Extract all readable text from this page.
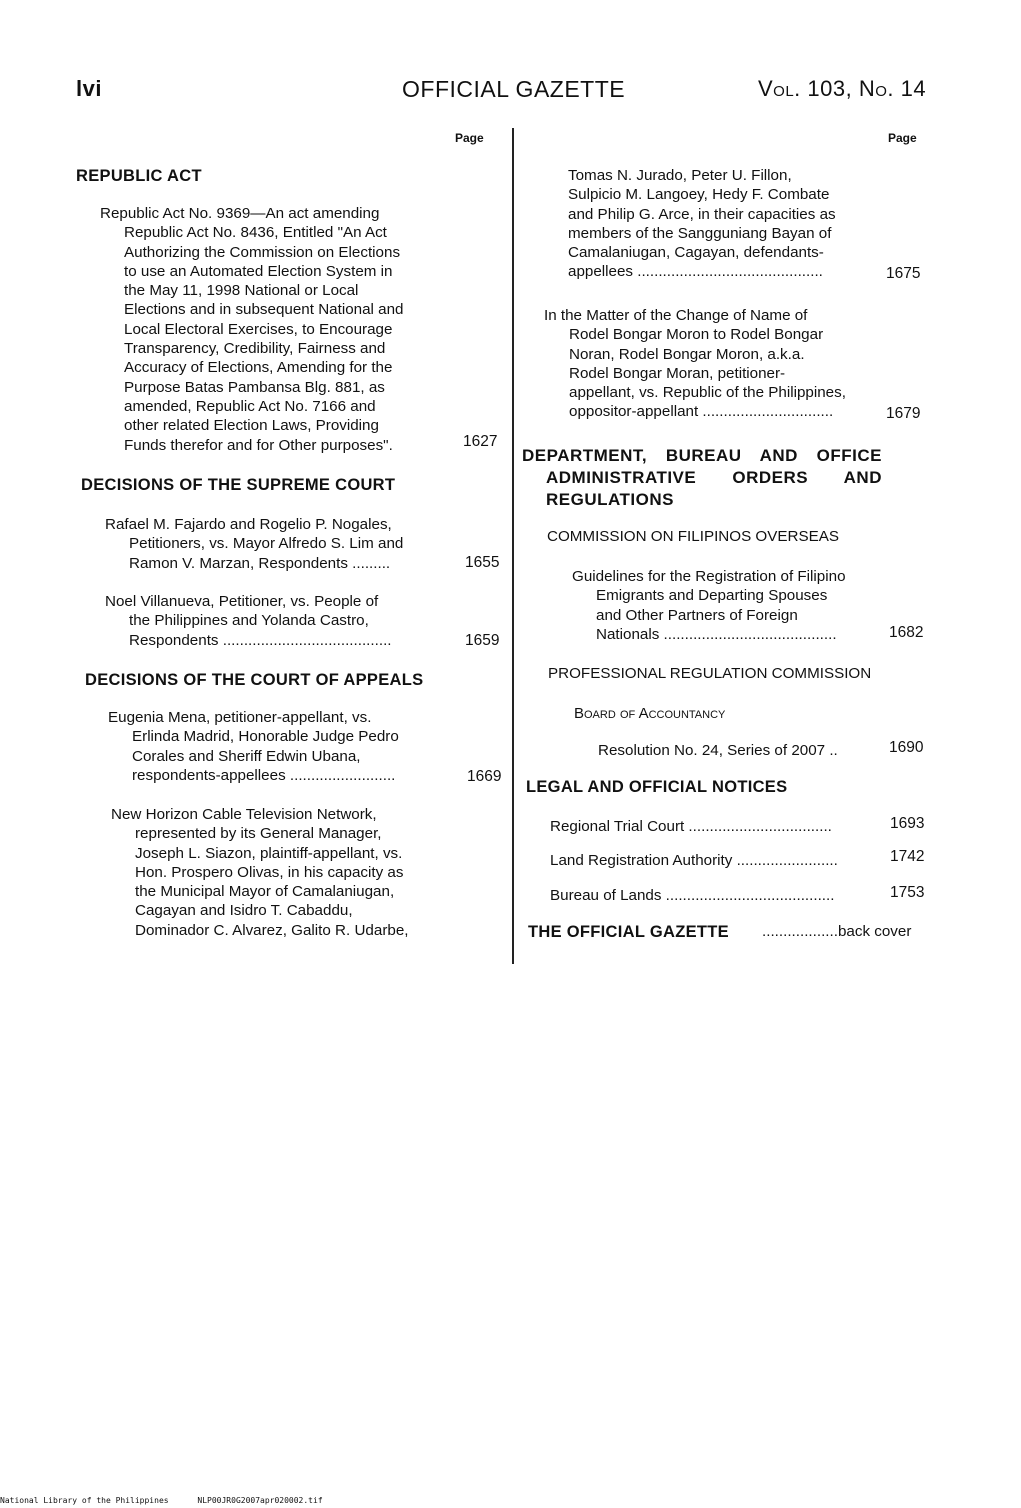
lvi	OFFICIAL GAZETTE	Vol. 103, No. 14
Page	Page
REPUBLIC ACT
Republic Act No. 9369—An act amending
Republic Act No. 8436, Entitled "An Act
Authorizing the Commission on Elections
to use an Automated Election System in
the May 11, 1998 National or Local
Elections and in subsequent National and
Local Electoral Exercises, to Encourage
Transparency, Credibility, Fairness and
Accuracy of Elections, Amending for the
Purpose Batas Pambansa Blg. 881, as
amended, Republic Act No. 7166 and
other related Election Laws, Providing
Funds therefor and for Other purposes".	1627
DECISIONS OF THE SUPREME COURT
Rafael M. Fajardo and Rogelio P. Nogales,
Petitioners, vs. Mayor Alfredo S. Lim and
Ramon V. Marzan, Respondents .........	1655
Noel Villanueva, Petitioner, vs. People of
the Philippines and Yolanda Castro,
Respondents ........................................	1659
DECISIONS OF THE COURT OF APPEALS
Eugenia Mena, petitioner-appellant, vs.
Erlinda Madrid, Honorable Judge Pedro
Corales and Sheriff Edwin Ubana,
respondents-appellees .........................	1669
New Horizon Cable Television Network,
represented by its General Manager,
Joseph L. Siazon, plaintiff-appellant, vs.
Hon. Prospero Olivas, in his capacity as
the Municipal Mayor of Camalaniugan,
Cagayan and Isidro T. Cabaddu,
Dominador C. Alvarez, Galito R. Udarbe,
Tomas N. Jurado, Peter U. Fillon,
Sulpicio M. Langoey, Hedy F. Combate
and Philip G. Arce, in their capacities as
members of the Sangguniang Bayan of
Camalaniugan, Cagayan, defendants-
appellees ............................................	1675
In the Matter of the Change of Name of
Rodel Bongar Moron to Rodel Bongar
Noran, Rodel Bongar Moron, a.k.a.
Rodel Bongar Moran, petitioner-
appellant, vs. Republic of the Philippines,
oppositor-appellant ...............................	1679
DEPARTMENT, BUREAU AND OFFICE
ADMINISTRATIVE ORDERS AND
REGULATIONS
COMMISSION ON FILIPINOS OVERSEAS
Guidelines for the Registration of Filipino
Emigrants and Departing Spouses
and Other Partners of Foreign
Nationals .........................................	1682
PROFESSIONAL REGULATION COMMISSION
Board of Accountancy
Resolution No. 24, Series of 2007 ..	1690
LEGAL AND OFFICIAL NOTICES
Regional Trial Court ..................................	1693
Land Registration Authority ........................	1742
Bureau of Lands ........................................	1753
THE OFFICIAL GAZETTE ..................back cover
National Library of the Philippines	NLP00JR0G2007apr020002.tif
